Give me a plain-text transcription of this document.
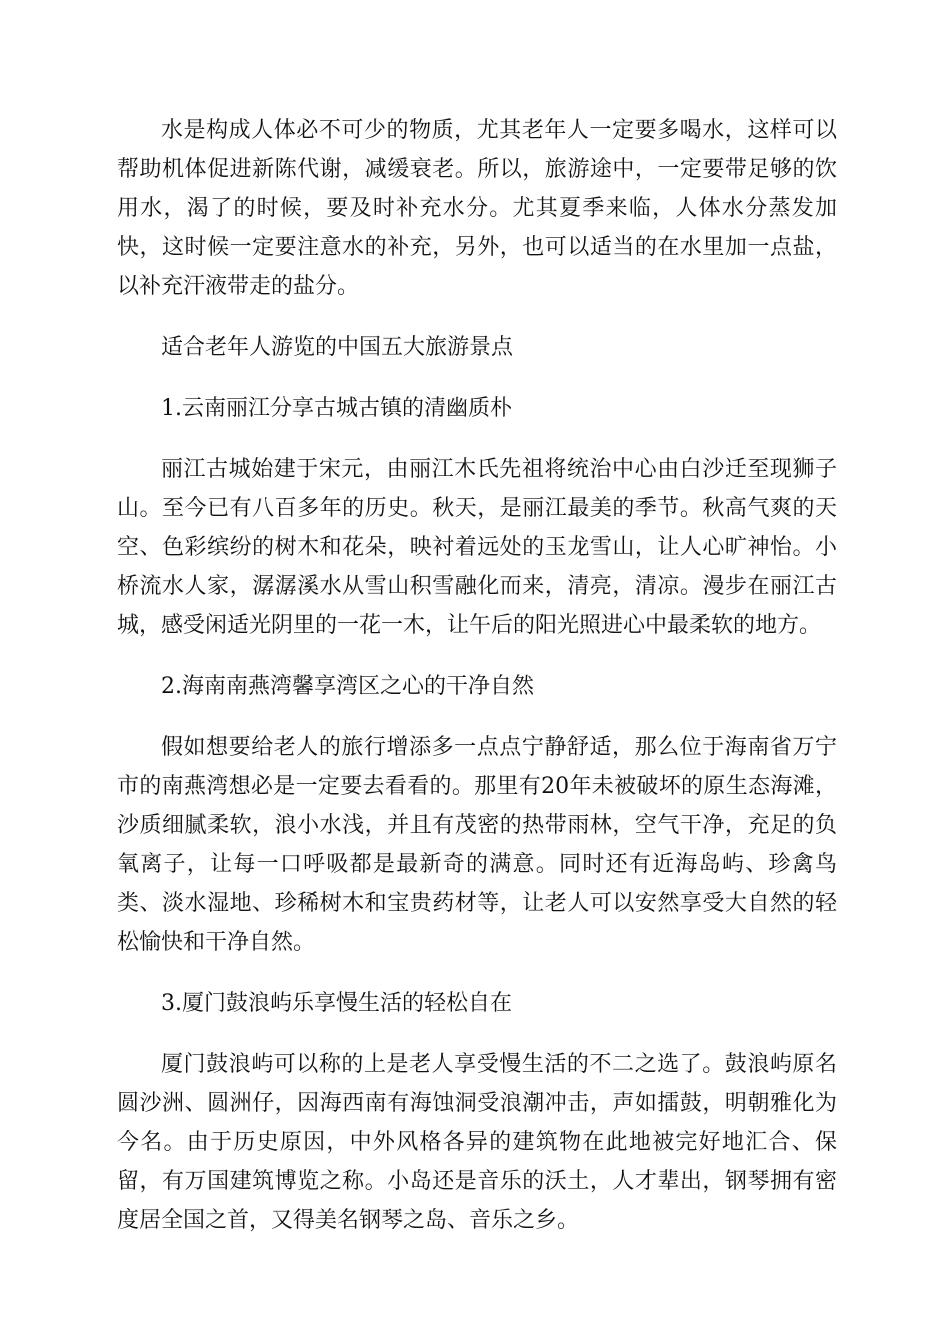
水是构成人体必不可少的物质，尤其老年人一定要多喝水，这样可以帮助机体促进新陈代谢，减缓衰老。所以，旅游途中，一定要带足够的饮用水，渴了的时候，要及时补充水分。尤其夏季来临，人体水分蒸发加快，这时候一定要注意水的补充，另外，也可以适当的在水里加一点盐，以补充汗液带走的盐分。

适合老年人游览的中国五大旅游景点

1.云南丽江分享古城古镇的清幽质朴

丽江古城始建于宋元，由丽江木氏先祖将统治中心由白沙迁至现狮子山。至今已有八百多年的历史。秋天，是丽江最美的季节。秋高气爽的天空、色彩缤纷的树木和花朵，映衬着远处的玉龙雪山，让人心旷神怡。小桥流水人家，潺潺溪水从雪山积雪融化而来，清亮，清凉。漫步在丽江古城，感受闲适光阴里的一花一木，让午后的阳光照进心中最柔软的地方。

2.海南南燕湾馨享湾区之心的干净自然

假如想要给老人的旅行增添多一点点宁静舒适，那么位于海南省万宁市的南燕湾想必是一定要去看看的。那里有20年未被破坏的原生态海滩，沙质细腻柔软，浪小水浅，并且有茂密的热带雨林，空气干净，充足的负氧离子，让每一口呼吸都是最新奇的满意。同时还有近海岛屿、珍禽鸟类、淡水湿地、珍稀树木和宝贵药材等，让老人可以安然享受大自然的轻松愉快和干净自然。

3.厦门鼓浪屿乐享慢生活的轻松自在

厦门鼓浪屿可以称的上是老人享受慢生活的不二之选了。鼓浪屿原名圆沙洲、圆洲仔，因海西南有海蚀洞受浪潮冲击，声如擂鼓，明朝雅化为今名。由于历史原因，中外风格各异的建筑物在此地被完好地汇合、保留，有万国建筑博览之称。小岛还是音乐的沃土，人才辈出，钢琴拥有密度居全国之首，又得美名钢琴之岛、音乐之乡。
